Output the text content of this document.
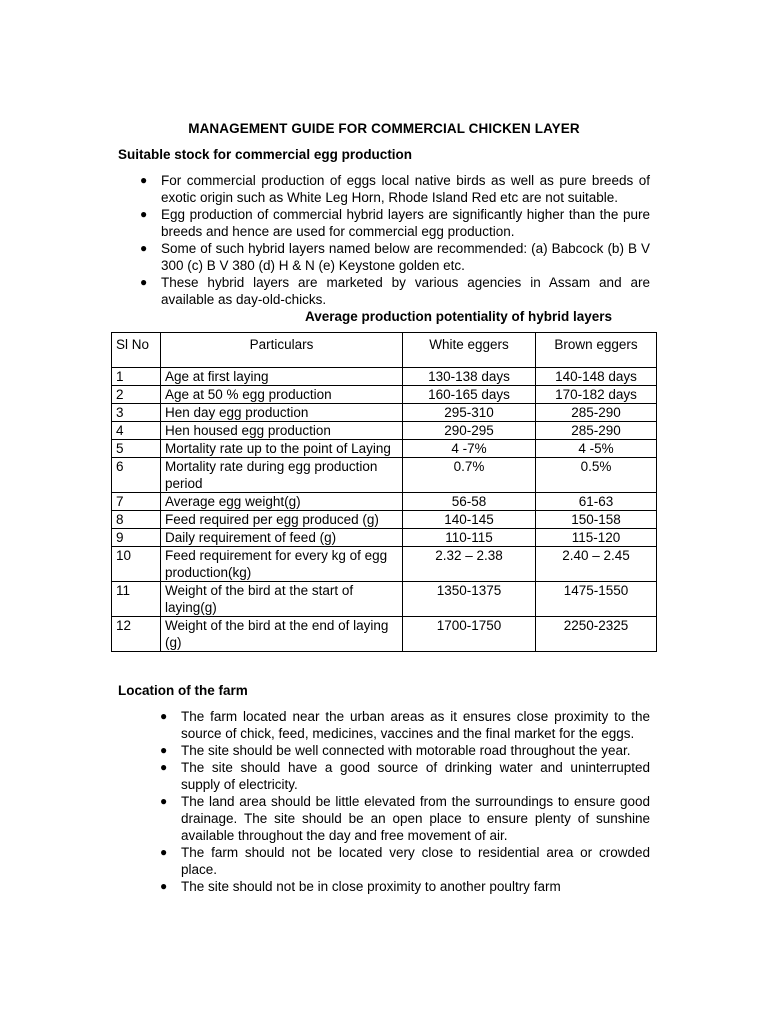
MANAGEMENT GUIDE FOR COMMERCIAL CHICKEN LAYER
Suitable stock for commercial egg production
● For commercial production of eggs local native birds as well as pure breeds of exotic origin such as White Leg Horn, Rhode Island Red etc are not suitable.
● Egg production of commercial hybrid layers are significantly higher than the pure breeds and hence are used for commercial egg production.
● Some of such hybrid layers named below are recommended: (a) Babcock (b) B V 300 (c) B V 380 (d) H & N (e) Keystone golden etc.
● These hybrid layers are marketed by various agencies in Assam and are available as day-old-chicks.
Average production potentiality of hybrid layers
Sl No	Particulars	White eggers	Brown eggers
1	Age at first laying	130-138 days	140-148 days
2	Age at 50 % egg production	160-165 days	170-182 days
3	Hen day egg production	295-310	285-290
4	Hen housed egg production	290-295	285-290
5	Mortality rate up to the point of Laying	4 -7%	4 -5%
6	Mortality rate during egg production period	0.7%	0.5%
7	Average egg weight(g)	56-58	61-63
8	Feed required per egg produced (g)	140-145	150-158
9	Daily requirement of feed (g)	110-115	115-120
10	Feed requirement for every kg of egg production(kg)	2.32 – 2.38	2.40 – 2.45
11	Weight of the bird at the start of laying(g)	1350-1375	1475-1550
12	Weight of the bird at the end of laying (g)	1700-1750	2250-2325
Location of the farm
● The farm located near the urban areas as it ensures close proximity to the source of chick, feed, medicines, vaccines and the final market for the eggs.
● The site should be well connected with motorable road throughout the year.
● The site should have a good source of drinking water and uninterrupted supply of electricity.
● The land area should be little elevated from the surroundings to ensure good drainage. The site should be an open place to ensure plenty of sunshine available throughout the day and free movement of air.
● The farm should not be located very close to residential area or crowded place.
● The site should not be in close proximity to another poultry farm
